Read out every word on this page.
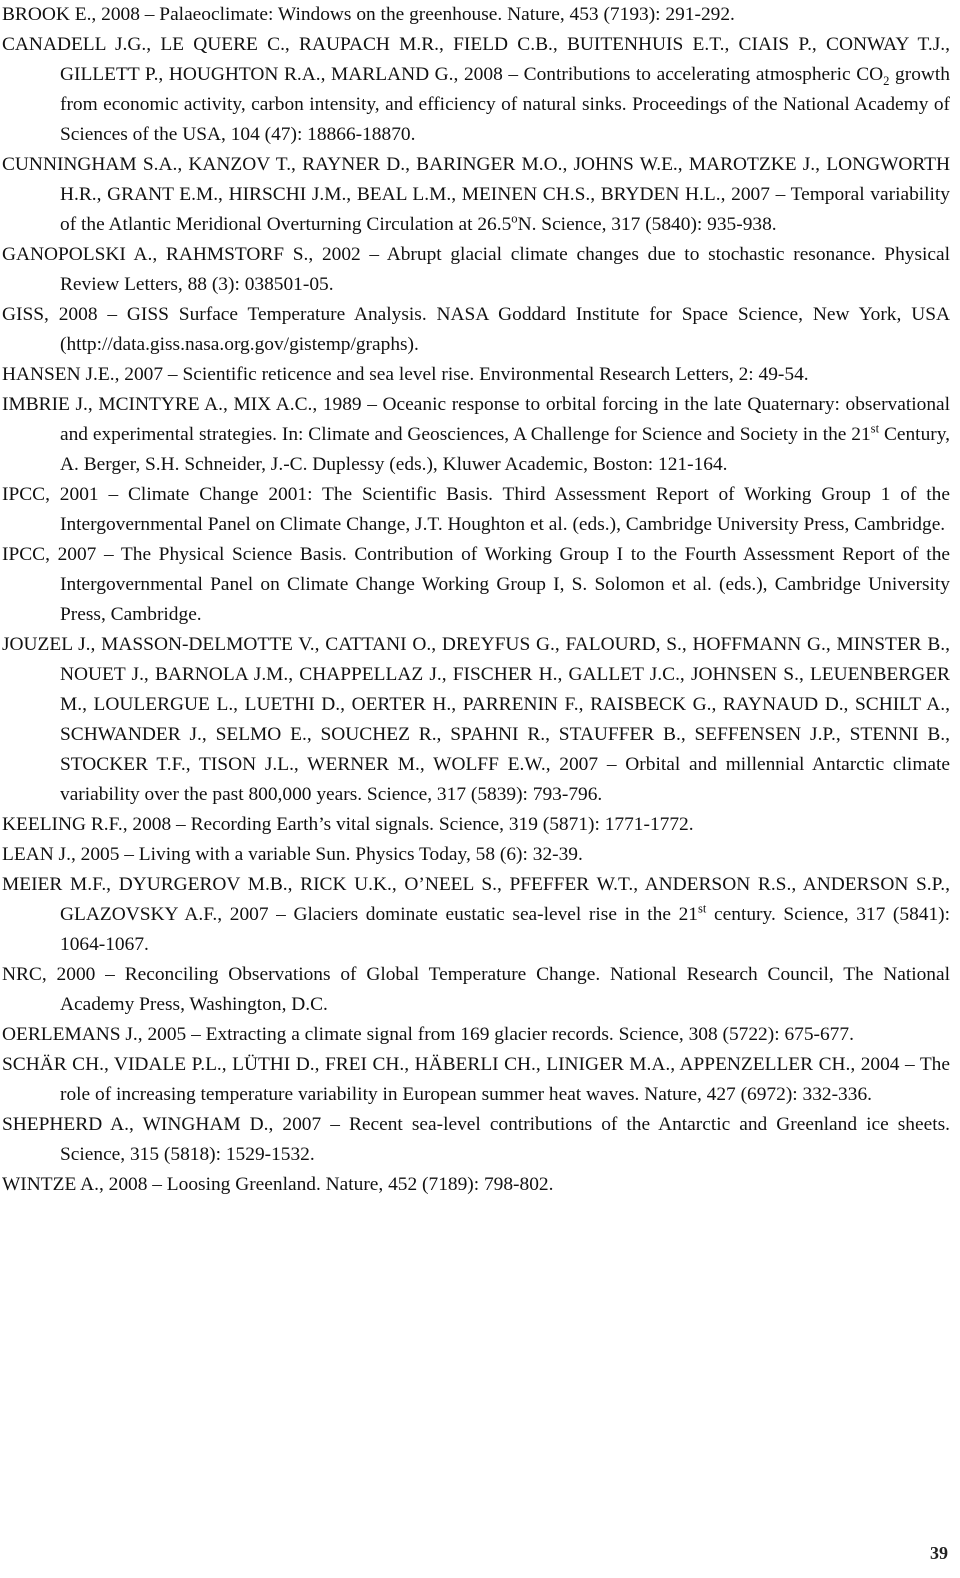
BROOK E., 2008 – Palaeoclimate: Windows on the greenhouse. Nature, 453 (7193): 291-292.
CANADELL J.G., LE QUERE C., RAUPACH M.R., FIELD C.B., BUITENHUIS E.T., CIAIS P., CONWAY T.J., GILLETT P., HOUGHTON R.A., MARLAND G., 2008 – Contributions to accelerating atmospheric $CO_2$ growth from economic activity, carbon intensity, and efficiency of natural sinks. Proceedings of the National Academy of Sciences of the USA, 104 (47): 18866-18870.
CUNNINGHAM S.A., KANZOV T., RAYNER D., BARINGER M.O., JOHNS W.E., MAROTZKE J., LONGWORTH H.R., GRANT E.M., HIRSCHI J.M., BEAL L.M., MEINEN CH.S., BRYDEN H.L., 2007 – Temporal variability of the Atlantic Meridional Overturning Circulation at 26.5$^o$N. Science, 317 (5840): 935-938.
GANOPOLSKI A., RAHMSTORF S., 2002 – Abrupt glacial climate changes due to stochastic resonance. Physical Review Letters, 88 (3): 038501-05.
GISS, 2008 – GISS Surface Temperature Analysis. NASA Goddard Institute for Space Science, New York, USA (http://data.giss.nasa.org.gov/gistemp/graphs).
HANSEN J.E., 2007 – Scientific reticence and sea level rise. Environmental Research Letters, 2: 49-54.
IMBRIE J., MCINTYRE A., MIX A.C., 1989 – Oceanic response to orbital forcing in the late Quaternary: observational and experimental strategies. In: Climate and Geosciences, A Challenge for Science and Society in the 21st Century, A. Berger, S.H. Schneider, J.-C. Duplessy (eds.), Kluwer Academic, Boston: 121-164.
IPCC, 2001 – Climate Change 2001: The Scientific Basis. Third Assessment Report of Working Group 1 of the Intergovernmental Panel on Climate Change, J.T. Houghton et al. (eds.), Cambridge University Press, Cambridge.
IPCC, 2007 – The Physical Science Basis. Contribution of Working Group I to the Fourth Assessment Report of the Intergovernmental Panel on Climate Change Working Group I, S. Solomon et al. (eds.), Cambridge University Press, Cambridge.
JOUZEL J., MASSON-DELMOTTE V., CATTANI O., DREYFUS G., FALOURD, S., HOFFMANN G., MINSTER B., NOUET J., BARNOLA J.M., CHAPPELLAZ J., FISCHER H., GALLET J.C., JOHNSEN S., LEUENBERGER M., LOULERGUE L., LUETHI D., OERTER H., PARRENIN F., RAISBECK G., RAYNAUD D., SCHILT A., SCHWANDER J., SELMO E., SOUCHEZ R., SPAHNI R., STAUFFER B., SEFFENSEN J.P., STENNI B., STOCKER T.F., TISON J.L., WERNER M., WOLFF E.W., 2007 – Orbital and millennial Antarctic climate variability over the past 800,000 years. Science, 317 (5839): 793-796.
KEELING R.F., 2008 – Recording Earth’s vital signals. Science, 319 (5871): 1771-1772.
LEAN J., 2005 – Living with a variable Sun. Physics Today, 58 (6): 32-39.
MEIER M.F., DYURGEROV M.B., RICK U.K., O’NEEL S., PFEFFER W.T., ANDERSON R.S., ANDERSON S.P., GLAZOVSKY A.F., 2007 – Glaciers dominate eustatic sea-level rise in the 21st century. Science, 317 (5841): 1064-1067.
NRC, 2000 – Reconciling Observations of Global Temperature Change. National Research Council, The National Academy Press, Washington, D.C.
OERLEMANS J., 2005 – Extracting a climate signal from 169 glacier records. Science, 308 (5722): 675-677.
SCHÄR CH., VIDALE P.L., LÜTHI D., FREI CH., HÄBERLI CH., LINIGER M.A., APPENZELLER CH., 2004 – The role of increasing temperature variability in European summer heat waves. Nature, 427 (6972): 332-336.
SHEPHERD A., WINGHAM D., 2007 – Recent sea-level contributions of the Antarctic and Greenland ice sheets. Science, 315 (5818): 1529-1532.
WINTZE A., 2008 – Loosing Greenland. Nature, 452 (7189): 798-802.
39
